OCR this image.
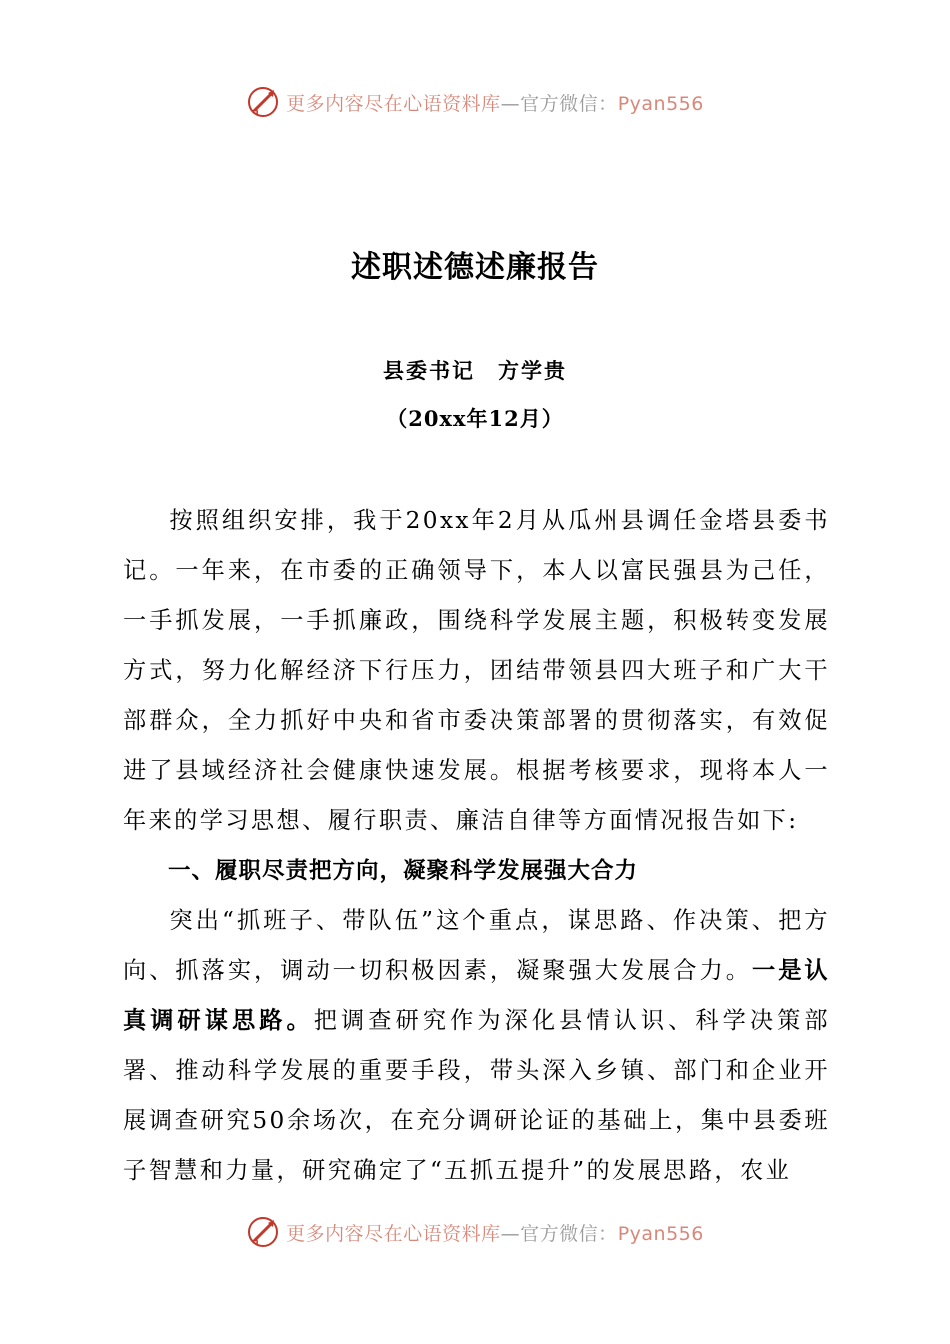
更多内容尽在心语资料库—官方微信：Pyan556
述职述德述廉报告
县委书记　方学贵
（20xx年12月）

按照组织安排，我于20xx年2月从瓜州县调任金塔县委书记。一年来，在市委的正确领导下，本人以富民强县为己任，一手抓发展，一手抓廉政，围绕科学发展主题，积极转变发展方式，努力化解经济下行压力，团结带领县四大班子和广大干部群众，全力抓好中央和省市委决策部署的贯彻落实，有效促进了县域经济社会健康快速发展。根据考核要求，现将本人一年来的学习思想、履行职责、廉洁自律等方面情况报告如下:

一、履职尽责把方向，凝聚科学发展强大合力

突出“抓班子、带队伍”这个重点，谋思路、作决策、把方向、抓落实，调动一切积极因素，凝聚强大发展合力。一是认真调研谋思路。把调查研究作为深化县情认识、科学决策部署、推动科学发展的重要手段，带头深入乡镇、部门和企业开展调查研究50余场次，在充分调研论证的基础上，集中县委班子智慧和力量，研究确定了“五抓五提升”的发展思路，农业

更多内容尽在心语资料库—官方微信：Pyan556
